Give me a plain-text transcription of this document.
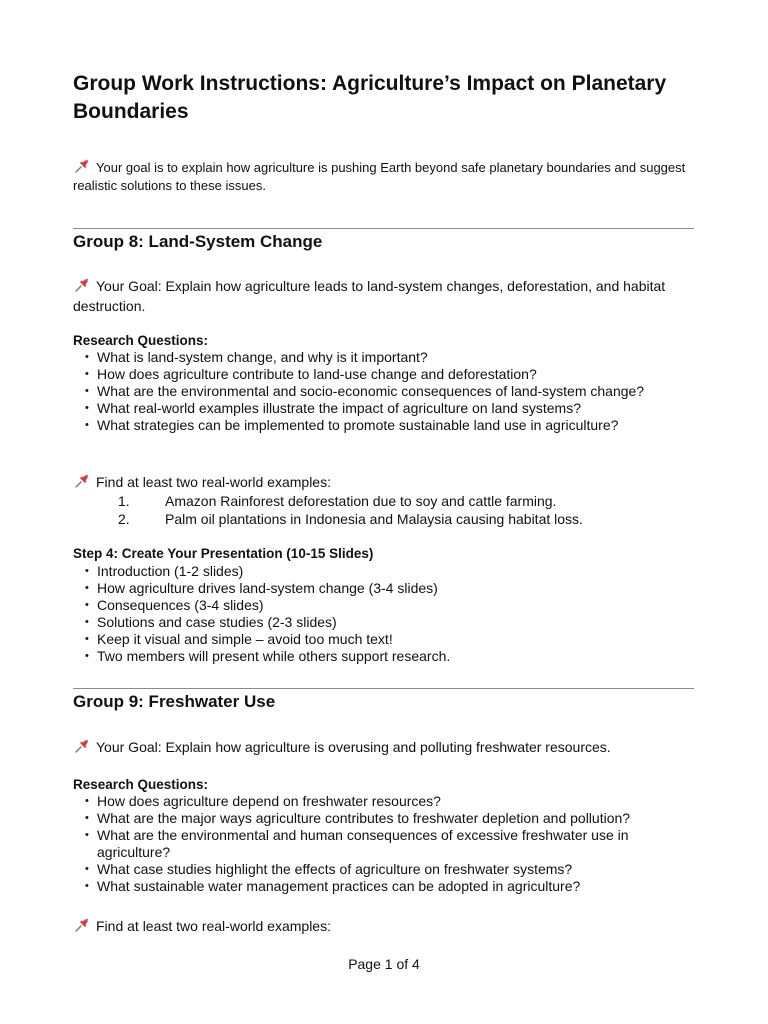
Group Work Instructions: Agriculture’s Impact on Planetary Boundaries

Your goal is to explain how agriculture is pushing Earth beyond safe planetary boundaries and suggest realistic solutions to these issues.

Group 8: Land-System Change

Your Goal: Explain how agriculture leads to land-system changes, deforestation, and habitat destruction.

Research Questions:

• What is land-system change, and why is it important?
• How does agriculture contribute to land-use change and deforestation?
• What are the environmental and socio-economic consequences of land-system change?
• What real-world examples illustrate the impact of agriculture on land systems?
• What strategies can be implemented to promote sustainable land use in agriculture?

Find at least two real-world examples:

1.	Amazon Rainforest deforestation due to soy and cattle farming.
2.	Palm oil plantations in Indonesia and Malaysia causing habitat loss.

Step 4: Create Your Presentation (10-15 Slides)

• Introduction (1-2 slides)
• How agriculture drives land-system change (3-4 slides)
• Consequences (3-4 slides)
• Solutions and case studies (2-3 slides)
• Keep it visual and simple – avoid too much text!
• Two members will present while others support research.
Group 9: Freshwater Use

Your Goal: Explain how agriculture is overusing and polluting freshwater resources.

Research Questions:

• How does agriculture depend on freshwater resources?
• What are the major ways agriculture contributes to freshwater depletion and pollution?
• What are the environmental and human consequences of excessive freshwater use in agriculture?
• What case studies highlight the effects of agriculture on freshwater systems?
• What sustainable water management practices can be adopted in agriculture?

Find at least two real-world examples:

Page 1 of 4
